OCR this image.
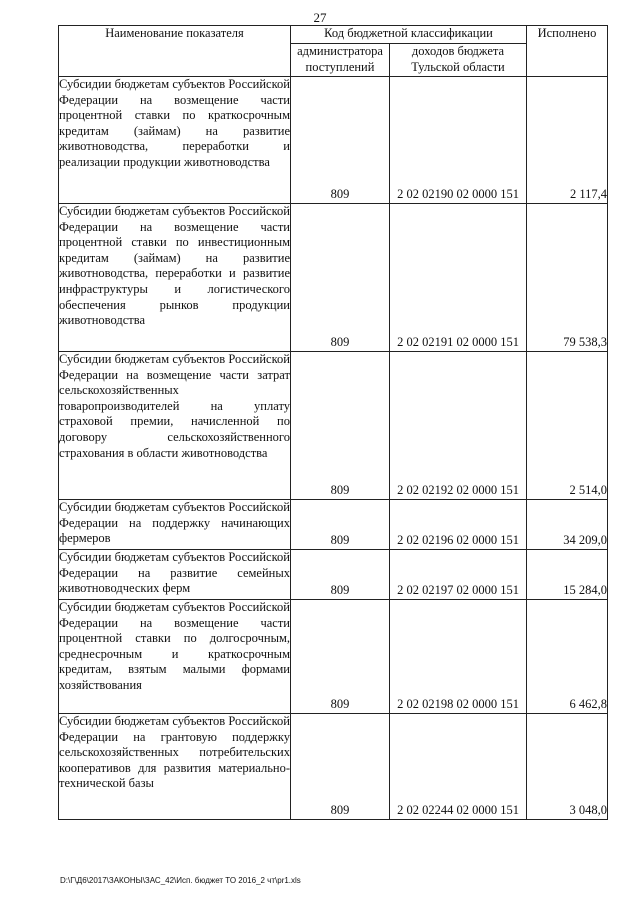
27
Наименование показателя	Код бюджетной классификации		Исполнено
	администратора поступлений	доходов бюджета Тульской области	
Субсидии бюджетам субъектов Российской Федерации на возмещение части процентной ставки по краткосрочным кредитам (займам) на развитие животноводства, переработки и реализации продукции животноводства	809	2 02 02190 02 0000 151	2 117,4
Субсидии бюджетам субъектов Российской Федерации на возмещение части процентной ставки по инвестиционным кредитам (займам) на развитие животноводства, переработки и развитие инфраструктуры и логистического обеспечения рынков продукции животноводства	809	2 02 02191 02 0000 151	79 538,3
Субсидии бюджетам субъектов Российской Федерации на возмещение части затрат сельскохозяйственных товаропроизводителей на уплату страховой премии, начисленной по договору сельскохозяйственного страхования в области животноводства	809	2 02 02192 02 0000 151	2 514,0
Субсидии бюджетам субъектов Российской Федерации на поддержку начинающих фермеров	809	2 02 02196 02 0000 151	34 209,0
Субсидии бюджетам субъектов Российской Федерации на развитие семейных животноводческих ферм	809	2 02 02197 02 0000 151	15 284,0
Субсидии бюджетам субъектов Российской Федерации на возмещение части процентной ставки по долгосрочным, среднесрочным и краткосрочным кредитам, взятым малыми формами хозяйствования	809	2 02 02198 02 0000 151	6 462,8
Субсидии бюджетам субъектов Российской Федерации на грантовую поддержку сельскохозяйственных потребительских кооперативов для развития материально-технической базы	809	2 02 02244 02 0000 151	3 048,0
D:\Г\Д6\2017\ЗАКОНЫ\ЗАС_42\Исп. бюджет ТО 2016_2 чт\pr1.xls
